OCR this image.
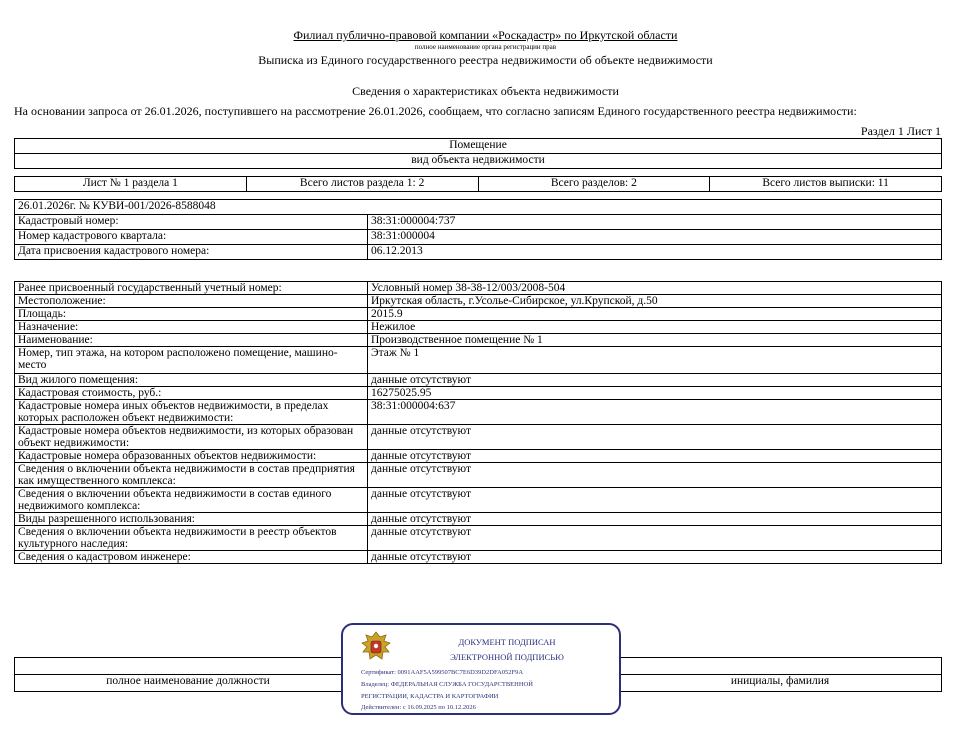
Филиал публично-правовой компании «Роскадастр» по Иркутской области
полное наименование органа регистрации прав
Выписка из Единого государственного реестра недвижимости об объекте недвижимости
Сведения о характеристиках объекта недвижимости
На основании запроса от 26.01.2026, поступившего на рассмотрение 26.01.2026, сообщаем, что согласно записям Единого государственного реестра недвижимости:
Раздел 1 Лист 1
Помещение
вид объекта недвижимости
Лист № 1 раздела 1	Всего листов раздела 1: 2	Всего разделов: 2	Всего листов выписки: 11
26.01.2026г. № КУВИ-001/2026-8588048	
Кадастровый номер:	38:31:000004:737
Номер кадастрового квартала:	38:31:000004
Дата присвоения кадастрового номера:	06.12.2013
Ранее присвоенный государственный учетный номер:	Условный номер 38-38-12/003/2008-504
Местоположение:	Иркутская область, г.Усолье-Сибирское, ул.Крупской, д.50
Площадь:	2015.9
Назначение:	Нежилое
Наименование:	Производственное помещение № 1
Номер, тип этажа, на котором расположено помещение, машино-место	Этаж № 1
Вид жилого помещения:	данные отсутствуют
Кадастровая стоимость, руб.:	16275025.95
Кадастровые номера иных объектов недвижимости, в пределах которых расположен объект недвижимости:	38:31:000004:637
Кадастровые номера объектов недвижимости, из которых образован объект недвижимости:	данные отсутствуют
Кадастровые номера образованных объектов недвижимости:	данные отсутствуют
Сведения о включении объекта недвижимости в состав предприятия как имущественного комплекса:	данные отсутствуют
Сведения о включении объекта недвижимости в состав единого недвижимого комплекса:	данные отсутствуют
Виды разрешенного использования:	данные отсутствуют
Сведения о включении объекта недвижимости в реестр объектов культурного наследия:	данные отсутствуют
Сведения о кадастровом инженере:	данные отсутствуют

полное наименование должности		инициалы, фамилия
ДОКУМЕНТ ПОДПИСАН
ЭЛЕКТРОННОЙ ПОДПИСЬЮ
Сертификат: 0091AAF5A599507BC7E6D39D2DFA052F9A
Владелец: ФЕДЕРАЛЬНАЯ СЛУЖБА ГОСУДАРСТВЕННОЙ
РЕГИСТРАЦИИ, КАДАСТРА И КАРТОГРАФИИ
Действителен: с 16.09.2025 по 10.12.2026
